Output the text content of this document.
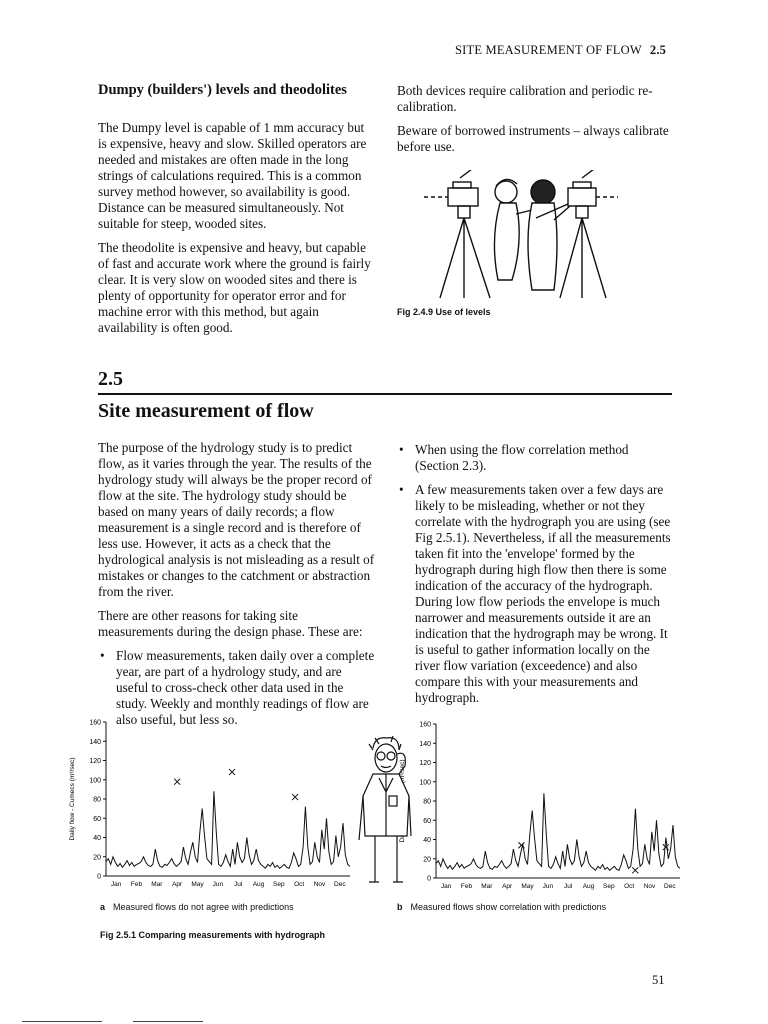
SITE MEASUREMENT OF FLOW 2.5
Dumpy (builders') levels and theodolites

The Dumpy level is capable of 1 mm accuracy but is expensive, heavy and slow. Skilled operators are needed and mistakes are often made in the long strings of calculations required. This is a common survey method however, so availability is good. Distance can be measured simultaneously. Not suitable for steep, wooded sites.

The theodolite is expensive and heavy, but capable of fast and accurate work where the ground is fairly clear. It is very slow on wooded sites and there is plenty of opportunity for operator error and for machine error with this method, but again availability is often good.

Both devices require calibration and periodic re-calibration.

Beware of borrowed instruments – always calibrate before use.

Fig 2.4.9 Use of levels
2.5
Site measurement of flow

The purpose of the hydrology study is to predict flow, as it varies through the year. The results of the hydrology study will always be the proper record of flow at the site. The hydrology study should be based on many years of daily records; a flow measurement is a single record and is therefore of less use. However, it acts as a check that the hydrological analysis is not misleading as a result of mistakes or changes to the catchment or abstraction from the river.

There are other reasons for taking site measurements during the design phase. These are:

• Flow measurements, taken daily over a complete year, are part of a hydrology study, and are useful to cross-check other data used in the study. Weekly and monthly readings of flow are also useful, but less so.
• When using the flow correlation method (Section 2.3).
• A few measurements taken over a few days are likely to be misleading, whether or not they correlate with the hydrograph you are using (see Fig 2.5.1). Nevertheless, if all the measurements taken fit into the 'envelope' formed by the hydrograph during high flow then there is some indication of the accuracy of the hydrograph. During low flow periods the envelope is much narrower and measurements outside it are an indication that the hydrograph may be wrong. It is useful to gather information locally on the river flow variation (exceedence) and also compare this with your measurements and hydrograph.
Daily flow - Cumecs (m³/sec)
0
20
40
60
80
100
120
140
160
Jan Feb Mar Apr May Jun Jul Aug Sep Oct Nov Dec
0
20
40
60
80
100
120
140
160
Jan Feb Mar Apr May Jun Jul Aug Sep Oct Nov Dec
a Measured flows do not agree with predictions	b Measured flows show correlation with predictions
Fig 2.5.1 Comparing measurements with hydrograph
51
